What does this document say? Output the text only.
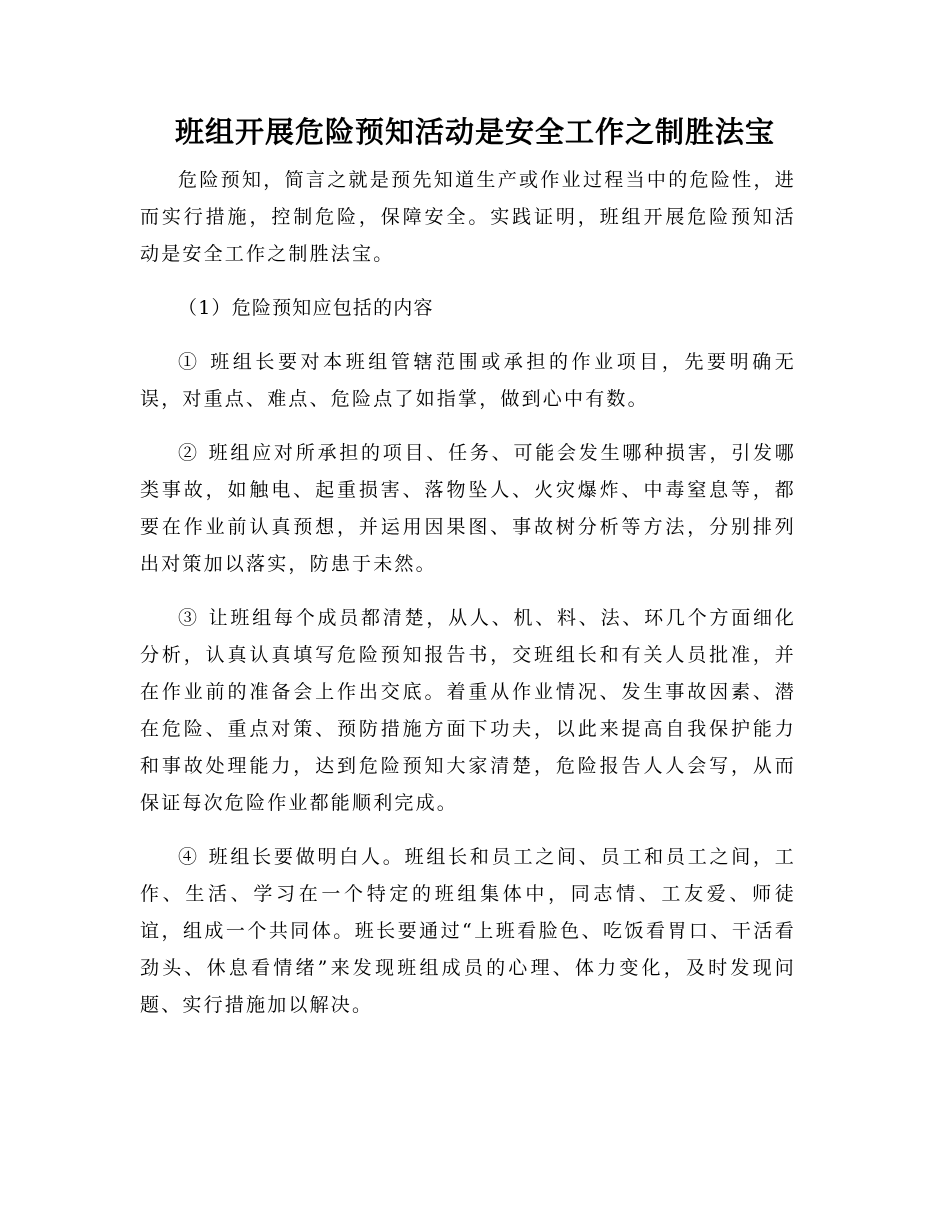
班组开展危险预知活动是安全工作之制胜法宝

危险预知，简言之就是预先知道生产或作业过程当中的危险性，进而实行措施，控制危险，保障安全。实践证明，班组开展危险预知活动是安全工作之制胜法宝。

（1）危险预知应包括的内容

① 班组长要对本班组管辖范围或承担的作业项目，先要明确无误，对重点、难点、危险点了如指掌，做到心中有数。

② 班组应对所承担的项目、任务、可能会发生哪种损害，引发哪类事故，如触电、起重损害、落物坠人、火灾爆炸、中毒窒息等，都要在作业前认真预想，并运用因果图、事故树分析等方法，分别排列出对策加以落实，防患于未然。

③ 让班组每个成员都清楚，从人、机、料、法、环几个方面细化分析，认真认真填写危险预知报告书，交班组长和有关人员批准，并在作业前的准备会上作出交底。着重从作业情况、发生事故因素、潜在危险、重点对策、预防措施方面下功夫，以此来提高自我保护能力和事故处理能力，达到危险预知大家清楚，危险报告人人会写，从而保证每次危险作业都能顺利完成。

④ 班组长要做明白人。班组长和员工之间、员工和员工之间，工作、生活、学习在一个特定的班组集体中，同志情、工友爱、师徒谊，组成一个共同体。班长要通过“上班看脸色、吃饭看胃口、干活看劲头、休息看情绪”来发现班组成员的心理、体力变化，及时发现问题、实行措施加以解决。
